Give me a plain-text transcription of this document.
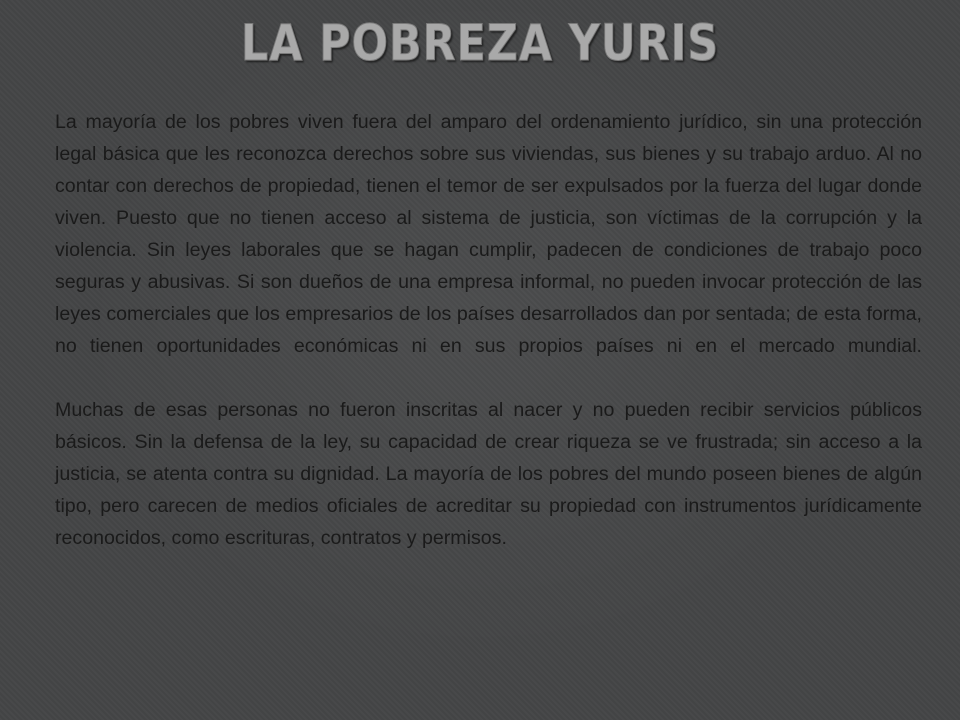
LA POBREZA YURIS

La mayoría de los pobres viven fuera del amparo del ordenamiento jurídico, sin una protección legal básica que les reconozca derechos sobre sus viviendas, sus bienes y su trabajo arduo. Al no contar con derechos de propiedad, tienen el temor de ser expulsados por la fuerza del lugar donde viven. Puesto que no tienen acceso al sistema de justicia, son víctimas de la corrupción y la violencia. Sin leyes laborales que se hagan cumplir, padecen de condiciones de trabajo poco seguras y abusivas. Si son dueños de una empresa informal, no pueden invocar protección de las leyes comerciales que los empresarios de los países desarrollados dan por sentada; de esta forma, no tienen oportunidades económicas ni en sus propios países ni en el mercado mundial.

Muchas de esas personas no fueron inscritas al nacer y no pueden recibir servicios públicos básicos. Sin la defensa de la ley, su capacidad de crear riqueza se ve frustrada; sin acceso a la justicia, se atenta contra su dignidad. La mayoría de los pobres del mundo poseen bienes de algún tipo, pero carecen de medios oficiales de acreditar su propiedad con instrumentos jurídicamente reconocidos, como escrituras, contratos y permisos.
